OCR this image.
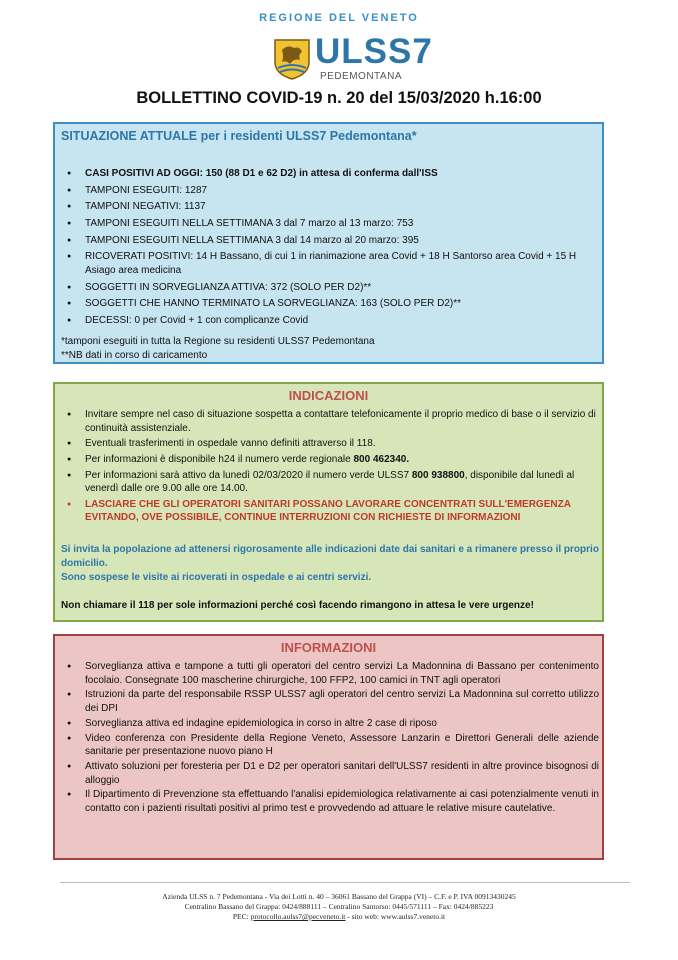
REGIONE DEL VENETO
ULSS7
PEDEMONTANA
BOLLETTINO COVID-19 n. 20 del 15/03/2020 h.16:00
SITUAZIONE ATTUALE per i residenti ULSS7 Pedemontana*
● CASI POSITIVI AD OGGI: 150 (88 D1 e 62 D2) in attesa di conferma dall'ISS
● TAMPONI ESEGUITI: 1287
● TAMPONI NEGATIVI: 1137
● TAMPONI ESEGUITI NELLA SETTIMANA 3 dal 7 marzo al 13 marzo: 753
● TAMPONI ESEGUITI NELLA SETTIMANA 3 dal 14 marzo al 20 marzo: 395
● RICOVERATI POSITIVI: 14 H Bassano, di cui 1 in rianimazione area Covid + 18 H Santorso area Covid + 15 H Asiago area medicina
● SOGGETTI IN SORVEGLIANZA ATTIVA: 372 (SOLO PER D2)**
● SOGGETTI CHE HANNO TERMINATO LA SORVEGLIANZA: 163 (SOLO PER D2)**
● DECESSI: 0 per Covid + 1 con complicanze Covid
*tamponi eseguiti in tutta la Regione su residenti ULSS7 Pedemontana
**NB dati in corso di caricamento
INDICAZIONI
● Invitare sempre nel caso di situazione sospetta a contattare telefonicamente il proprio medico di base o il servizio di continuità assistenziale.
● Eventuali trasferimenti in ospedale vanno definiti attraverso il 118.
● Per informazioni è disponibile h24 il numero verde regionale 800 462340.
● Per informazioni sarà attivo da lunedì 02/03/2020 il numero verde ULSS7 800 938800, disponibile dal lunedì al venerdì dalle ore 9.00 alle ore 14.00.
● LASCIARE CHE GLI OPERATORI SANITARI POSSANO LAVORARE CONCENTRATI SULL'EMERGENZA EVITANDO, OVE POSSIBILE, CONTINUE INTERRUZIONI CON RICHIESTE DI INFORMAZIONI
Si invita la popolazione ad attenersi rigorosamente alle indicazioni date dai sanitari e a rimanere presso il proprio domicilio.
Sono sospese le visite ai ricoverati in ospedale e ai centri servizi.
Non chiamare il 118 per sole informazioni perché così facendo rimangono in attesa le vere urgenze!
INFORMAZIONI
● Sorveglianza attiva e tampone a tutti gli operatori del centro servizi La Madonnina di Bassano per contenimento focolaio. Consegnate 100 mascherine chirurgiche, 100 FFP2, 100 camici in TNT agli operatori
● Istruzioni da parte del responsabile RSSP ULSS7 agli operatori del centro servizi La Madonnina sul corretto utilizzo dei DPI
● Sorveglianza attiva ed indagine epidemiologica in corso in altre 2 case di riposo
● Video conferenza con Presidente della Regione Veneto, Assessore Lanzarin e Direttori Generali delle aziende sanitarie per presentazione nuovo piano H
● Attivato soluzioni per foresteria per D1 e D2 per operatori sanitari dell'ULSS7 residenti in altre province bisognosi di alloggio
● Il Dipartimento di Prevenzione sta effettuando l'analisi epidemiologica relativamente ai casi potenzialmente venuti in contatto con i pazienti risultati positivi al primo test e provvedendo ad attuare le relative misure cautelative.
Azienda ULSS n. 7 Pedemontana - Via dei Lotti n. 40 – 36061 Bassano del Grappa (VI) – C.F. e P. IVA 00913430245
Centralino Bassano del Grappa: 0424/888111 – Centralino Santorso: 0445/571111 – Fax: 0424/885223
PEC: protocollo.aulss7@pecveneto.it - sito web: www.aulss7.veneto.it
